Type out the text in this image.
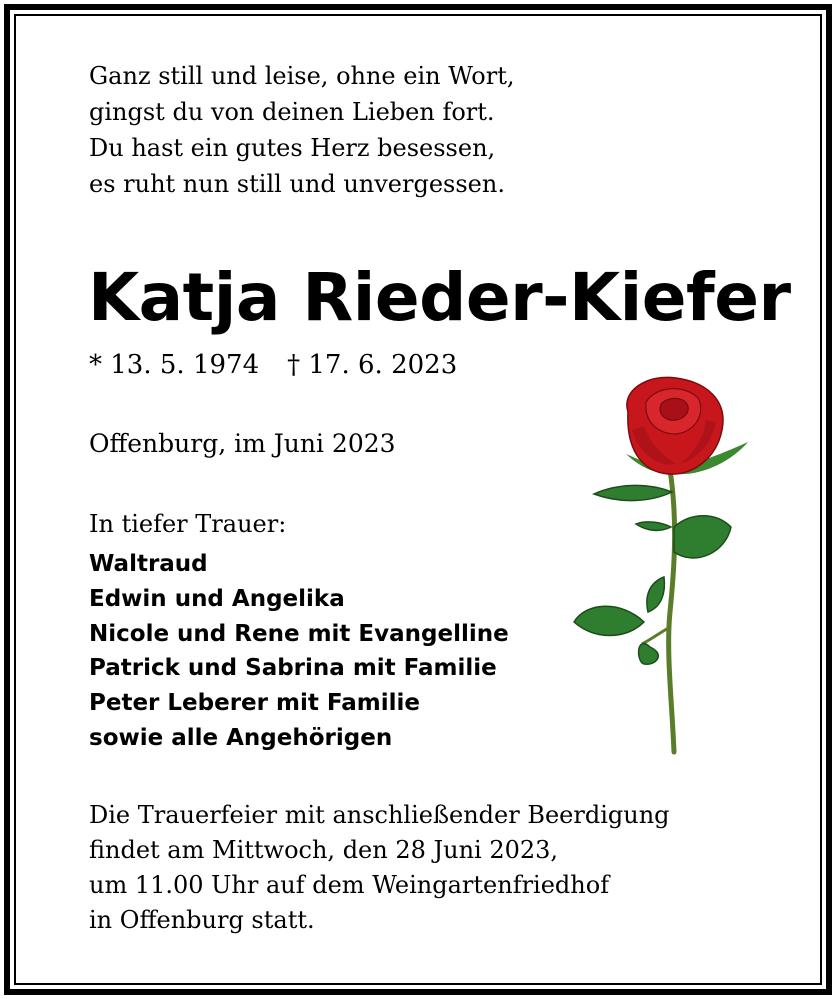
Ganz still und leise, ohne ein Wort,
gingst du von deinen Lieben fort.
Du hast ein gutes Herz besessen,
es ruht nun still und unvergessen.
Katja Rieder-Kiefer
* 13. 5. 1974 † 17. 6. 2023
Offenburg, im Juni 2023
In tiefer Trauer:
Waltraud
Edwin und Angelika
Nicole und Rene mit Evangelline
Patrick und Sabrina mit Familie
Peter Leberer mit Familie
sowie alle Angehörigen
Die Trauerfeier mit anschließender Beerdigung
findet am Mittwoch, den 28 Juni 2023,
um 11.00 Uhr auf dem Weingartenfriedhof
in Offenburg statt.
